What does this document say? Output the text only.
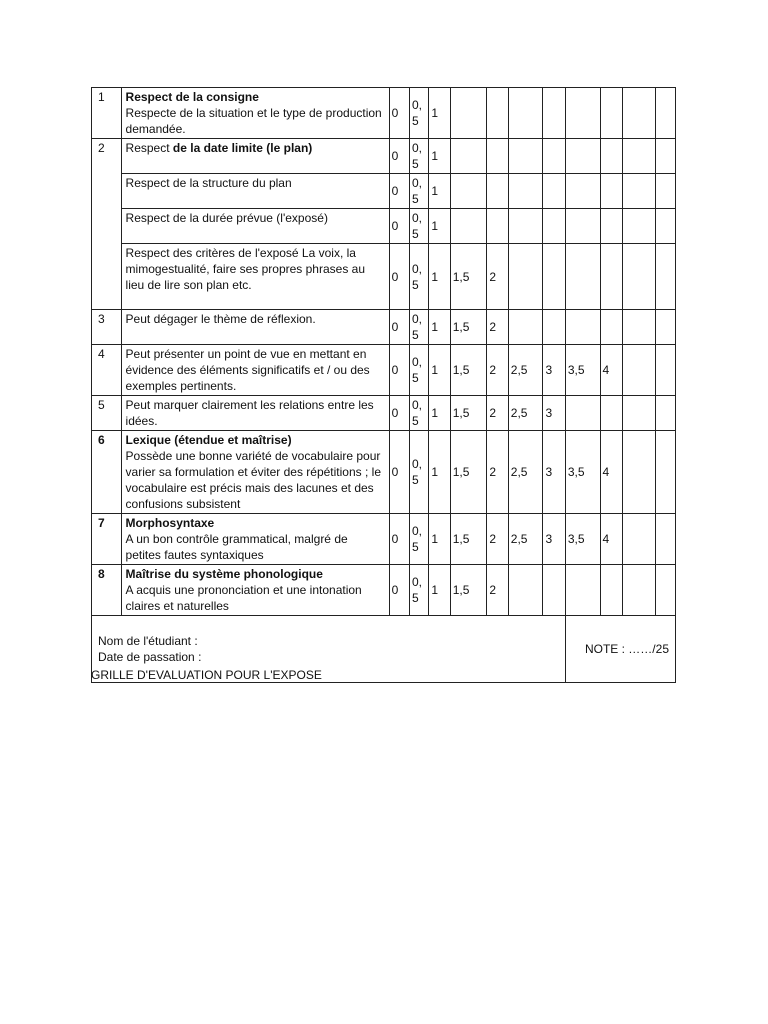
1	Respect de la consigne
Respecte de la situation et le type de production demandée.	0	0,5	1								
2	Respect de la date limite (le plan)	0	0,5	1								

	Respect de la structure du plan	0	0,5	1								

	Respect de la durée prévue (l'exposé)	0	0,5	1								

	Respect des critères de l'exposé La voix, la mimogestualité, faire ses propres phrases au lieu de lire son plan etc.	0	0,5	1	1,5	2						
3	Peut dégager le thème de réflexion.	0	0,5	1	1,5	2						
4	Peut présenter un point de vue en mettant en évidence des éléments significatifs et / ou des exemples pertinents.	0	0,5	1	1,5	2	2,5	3	3,5	4		
5	Peut marquer clairement les relations entre les idées.	0	0,5	1	1,5	2	2,5	3				
6	Lexique (étendue et maîtrise)
Possède une bonne variété de vocabulaire pour varier sa formulation et éviter des répétitions ; le vocabulaire est précis mais des lacunes et des confusions subsistent	0	0,5	1	1,5	2	2,5	3	3,5	4		
7	Morphosyntaxe
A un bon contrôle grammatical, malgré de petites fautes syntaxiques	0	0,5	1	1,5	2	2,5	3	3,5	4		
8	Maîtrise du système phonologique
A acquis une prononciation et une intonation claires et naturelles	0	0,5	1	1,5	2						

Nom de l'étudiant :
Date de passation :									NOTE : ……/25			
GRILLE D'EVALUATION POUR L'EXPOSE
